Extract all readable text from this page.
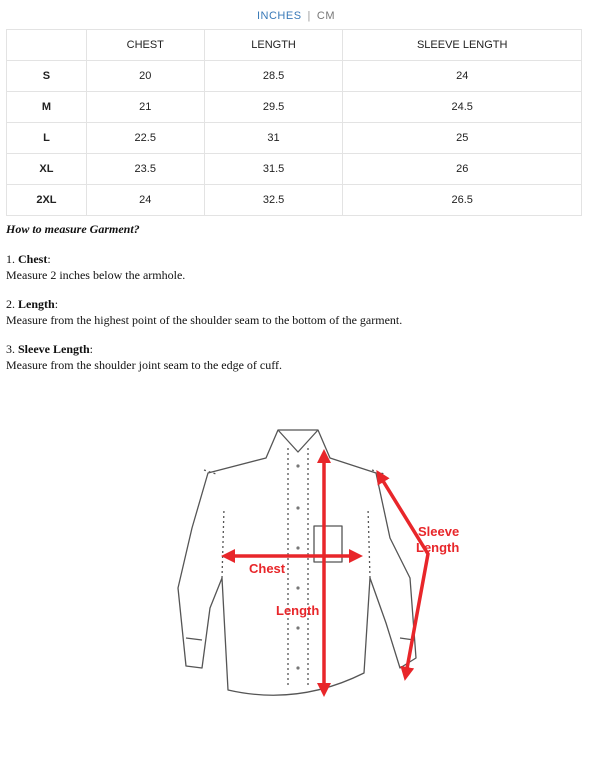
INCHES | CM
	CHEST	LENGTH	SLEEVE LENGTH
S	20	28.5	24
M	21	29.5	24.5
L	22.5	31	25
XL	23.5	31.5	26
2XL	24	32.5	26.5

How to measure Garment?

1. Chest:
Measure 2 inches below the armhole.
2. Length:
Measure from the highest point of the shoulder seam to the bottom of the garment.
3. Sleeve Length:
Measure from the shoulder joint seam to the edge of cuff.
Chest
Length
Sleeve
Length
